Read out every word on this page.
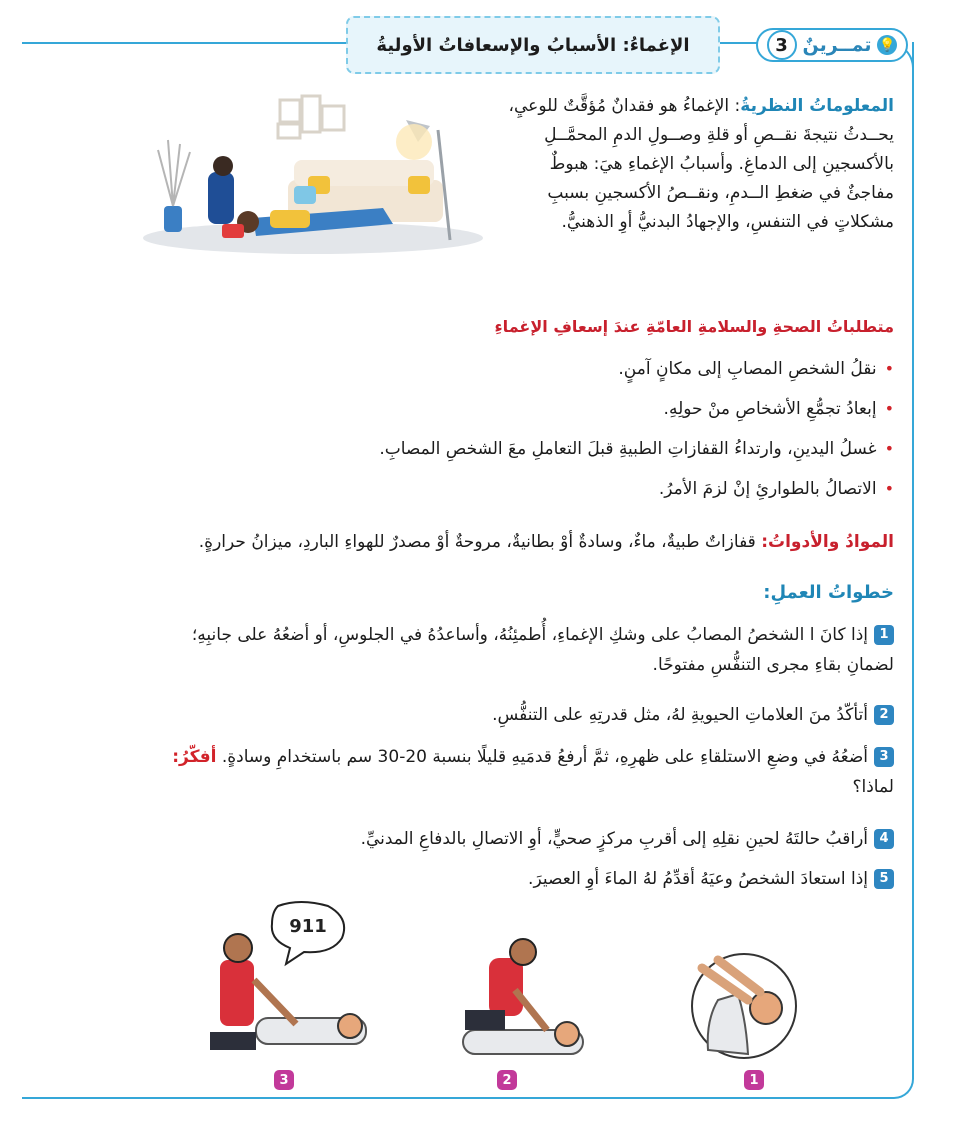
💡
تمــرينٌ
3
الإغماءُ: الأسبابُ والإسعافاتُ الأوليةُ
المعلوماتُ النظريةُ: الإغماءُ هو فقدانٌ مُؤقَّتٌ للوعيِ،
يحــدثُ نتيجةَ نقــصِ أو قلةِ وصــولِ الدمِ المحمَّــلِ
بالأكسجينِ إلى الدماغِ. وأسبابُ الإغماءِ هيَ: هبوطٌ
مفاجئٌ في ضغطِ الــدمِ، ونقــصُ الأكسجينِ بسببِ
مشكلاتٍ في التنفسِ، والإجهادُ البدنيُّ أوِ الذهنيُّ.
متطلباتُ الصحةِ والسلامةِ العامّةِ عندَ إسعافِ الإغماءِ
•
نقلُ الشخصِ المصابِ إلى مكانٍ آمنٍ.
•
إبعادُ تجمُّعِ الأشخاصِ منْ حولِهِ.
•
غسلُ اليدينِ، وارتداءُ القفازاتِ الطبيةِ قبلَ التعاملِ معَ الشخصِ المصابِ.
•
الاتصالُ بالطوارئِ إنْ لزمَ الأمرُ.
الموادُ والأدواتُ: قفازاتٌ طبيةٌ، ماءٌ، وسادةٌ أوْ بطانيةٌ، مروحةٌ أوْ مصدرٌ للهواءِ الباردِ، ميزانُ حرارةٍ.
خطواتُ العملِ:
1إذا كانَ ا الشخصُ المصابُ على وشكِ الإغماءِ، أُطمئِنُهُ، وأساعدُهُ في الجلوسِ، أو أضعُهُ على جانبِهِ؛
لضمانِ بقاءِ مجرى التنفُّسِ مفتوحًا.
2أتأكّدُ منَ العلاماتِ الحيويةِ لهُ، مثل قدرتِهِ على التنفُّسِ.
3أضعُهُ في وضعِ الاستلقاءِ على ظهرِهِ، ثمَّ أرفعُ قدمَيهِ قليلًا بنسبة 20-30 سم باستخدامِ وسادةٍ. أفكّرُ:
لماذا؟
4أراقبُ حالتَهُ لحينِ نقلِهِ إلى أقربِ مركزٍ صحيٍّ، أوِ الاتصالِ بالدفاعِ المدنيِّ.
5إذا استعادَ الشخصُ وعيَهُ أقدِّمُ لهُ الماءَ أوِ العصيرَ.
911
3	2	1
